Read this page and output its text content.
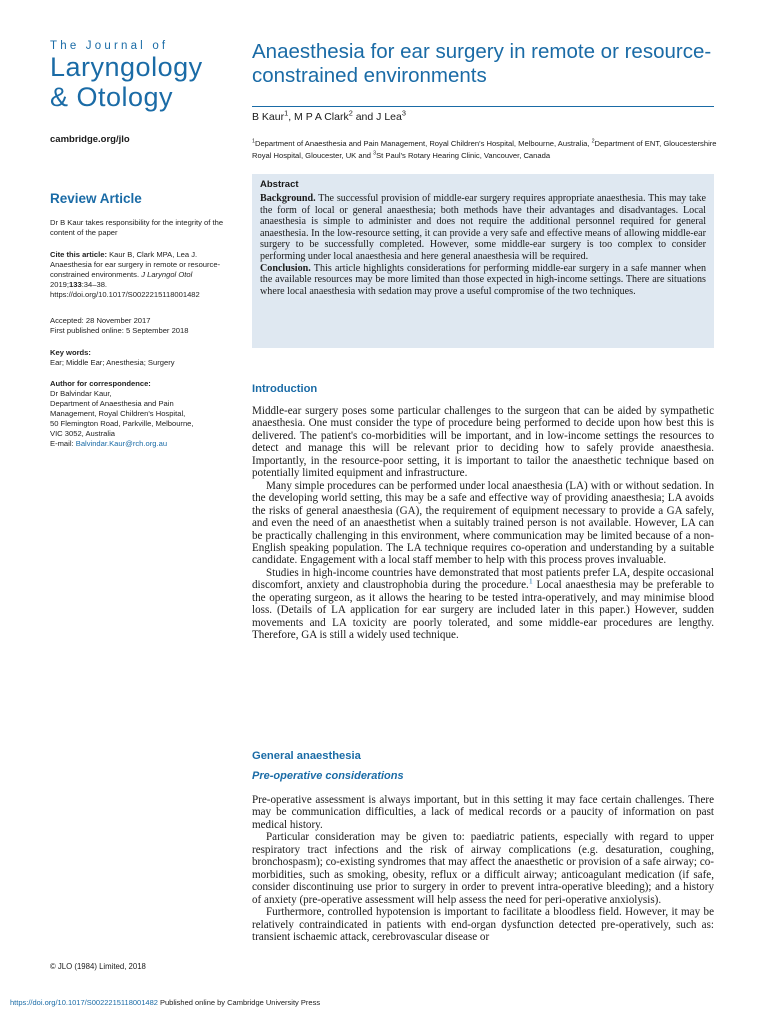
The Journal of
Laryngology
& Otology
cambridge.org/jlo
Review Article
Dr B Kaur takes responsibility for the integrity of the content of the paper
Cite this article: Kaur B, Clark MPA, Lea J. Anaesthesia for ear surgery in remote or resource-constrained environments. J Laryngol Otol 2019;133:34–38. https://doi.org/10.1017/S0022215118001482
Accepted: 28 November 2017
First published online: 5 September 2018
Key words:
Ear; Middle Ear; Anesthesia; Surgery
Author for correspondence:
Dr Balvindar Kaur,
Department of Anaesthesia and Pain
Management, Royal Children's Hospital,
50 Flemington Road, Parkville, Melbourne,
VIC 3052, Australia
E-mail: Balvindar.Kaur@rch.org.au
© JLO (1984) Limited, 2018
Anaesthesia for ear surgery in remote or resource-constrained environments
B Kaur$^1$, M P A Clark$^2$ and J Lea$^3$
$^1$Department of Anaesthesia and Pain Management, Royal Children's Hospital, Melbourne, Australia, $^2$Department of ENT, Gloucestershire Royal Hospital, Gloucester, UK and $^3$St Paul's Rotary Hearing Clinic, Vancouver, Canada
Abstract

Background. The successful provision of middle-ear surgery requires appropriate anaesthesia. This may take the form of local or general anaesthesia; both methods have their advantages and disadvantages. Local anaesthesia is simple to administer and does not require the additional personnel required for general anaesthesia. In the low-resource setting, it can provide a very safe and effective means of allowing middle-ear surgery to be successfully completed. However, some middle-ear surgery is too complex to consider performing under local anaesthesia and here general anaesthesia will be required.

Conclusion. This article highlights considerations for performing middle-ear surgery in a safe manner when the available resources may be more limited than those expected in high-income settings. There are situations where local anaesthesia with sedation may prove a useful compromise of the two techniques.

Introduction

Middle-ear surgery poses some particular challenges to the surgeon that can be aided by sympathetic anaesthesia. One must consider the type of procedure being performed to decide upon how best this is delivered. The patient's co-morbidities will be important, and in low-income settings the resources to detect and manage this will be relevant prior to deciding how to safely provide anaesthesia. Importantly, in the resource-poor setting, it is important to tailor the anaesthetic technique based on potentially limited equipment and infrastructure.

Many simple procedures can be performed under local anaesthesia (LA) with or without sedation. In the developing world setting, this may be a safe and effective way of providing anaesthesia; LA avoids the risks of general anaesthesia (GA), the requirement of equipment necessary to provide a GA safely, and even the need of an anaesthetist when a suitably trained person is not available. However, LA can be practically challenging in this environment, where communication may be limited because of a non-English speaking population. The LA technique requires co-operation and understanding by a suitable candidate. Engagement with a local staff member to help with this process proves invaluable.

Studies in high-income countries have demonstrated that most patients prefer LA, despite occasional discomfort, anxiety and claustrophobia during the procedure.$^1$ Local anaesthesia may be preferable to the operating surgeon, as it allows the hearing to be tested intra-operatively, and may minimise blood loss. (Details of LA application for ear surgery are included later in this paper.) However, sudden movements and LA toxicity are poorly tolerated, and some middle-ear procedures are lengthy. Therefore, GA is still a widely used technique.

General anaesthesia
Pre-operative considerations

Pre-operative assessment is always important, but in this setting it may face certain challenges. There may be communication difficulties, a lack of medical records or a paucity of information on past medical history.

Particular consideration may be given to: paediatric patients, especially with regard to upper respiratory tract infections and the risk of airway complications (e.g. desaturation, coughing, bronchospasm); co-existing syndromes that may affect the anaesthetic or provision of a safe airway; co-morbidities, such as smoking, obesity, reflux or a difficult airway; anticoagulant medication (if safe, consider discontinuing use prior to surgery in order to prevent intra-operative bleeding); and a history of anxiety (pre-operative assessment will help assess the need for peri-operative anxiolysis).

Furthermore, controlled hypotension is important to facilitate a bloodless field. However, it may be relatively contraindicated in patients with end-organ dysfunction detected pre-operatively, such as: transient ischaemic attack, cerebrovascular disease or

https://doi.org/10.1017/S0022215118001482 Published online by Cambridge University Press
